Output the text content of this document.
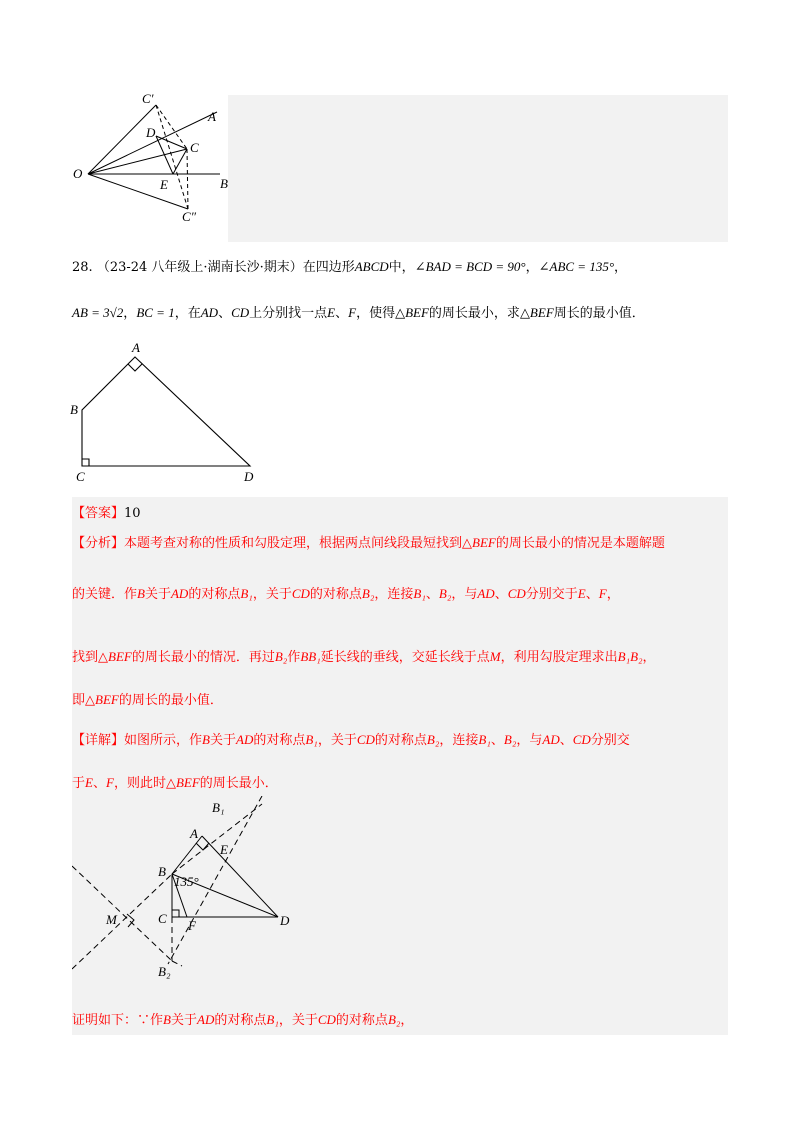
C′
A
D
C
O
E	B
C″
28. （23-24 八年级上·湖南长沙·期末）在四边形ABCD中，∠BAD = BCD = 90°，∠ABC = 135°，
AB = 3√2，BC = 1，在AD、CD上分别找一点E、F，使得△BEF的周长最小，求△BEF周长的最小值．
A
B
C	D
【答案】10
【分析】本题考查对称的性质和勾股定理，根据两点间线段最短找到△BEF的周长最小的情况是本题解题
的关键．作B关于AD的对称点B₁，关于CD的对称点B₂，连接B₁、B₂，与AD、CD分别交于E、F，
找到△BEF的周长最小的情况．再过B₂作BB₁延长线的垂线，交延长线于点M，利用勾股定理求出B₁B₂，
即△BEF的周长的最小值．
【详解】如图所示，作B关于AD的对称点B₁，关于CD的对称点B₂，连接B₁、B₂，与AD、CD分别交
于E、F，则此时△BEF的周长最小．
B₁
A
E
B
135°
M	C F	D
B₂
证明如下：∵作B关于AD的对称点B₁，关于CD的对称点B₂，
